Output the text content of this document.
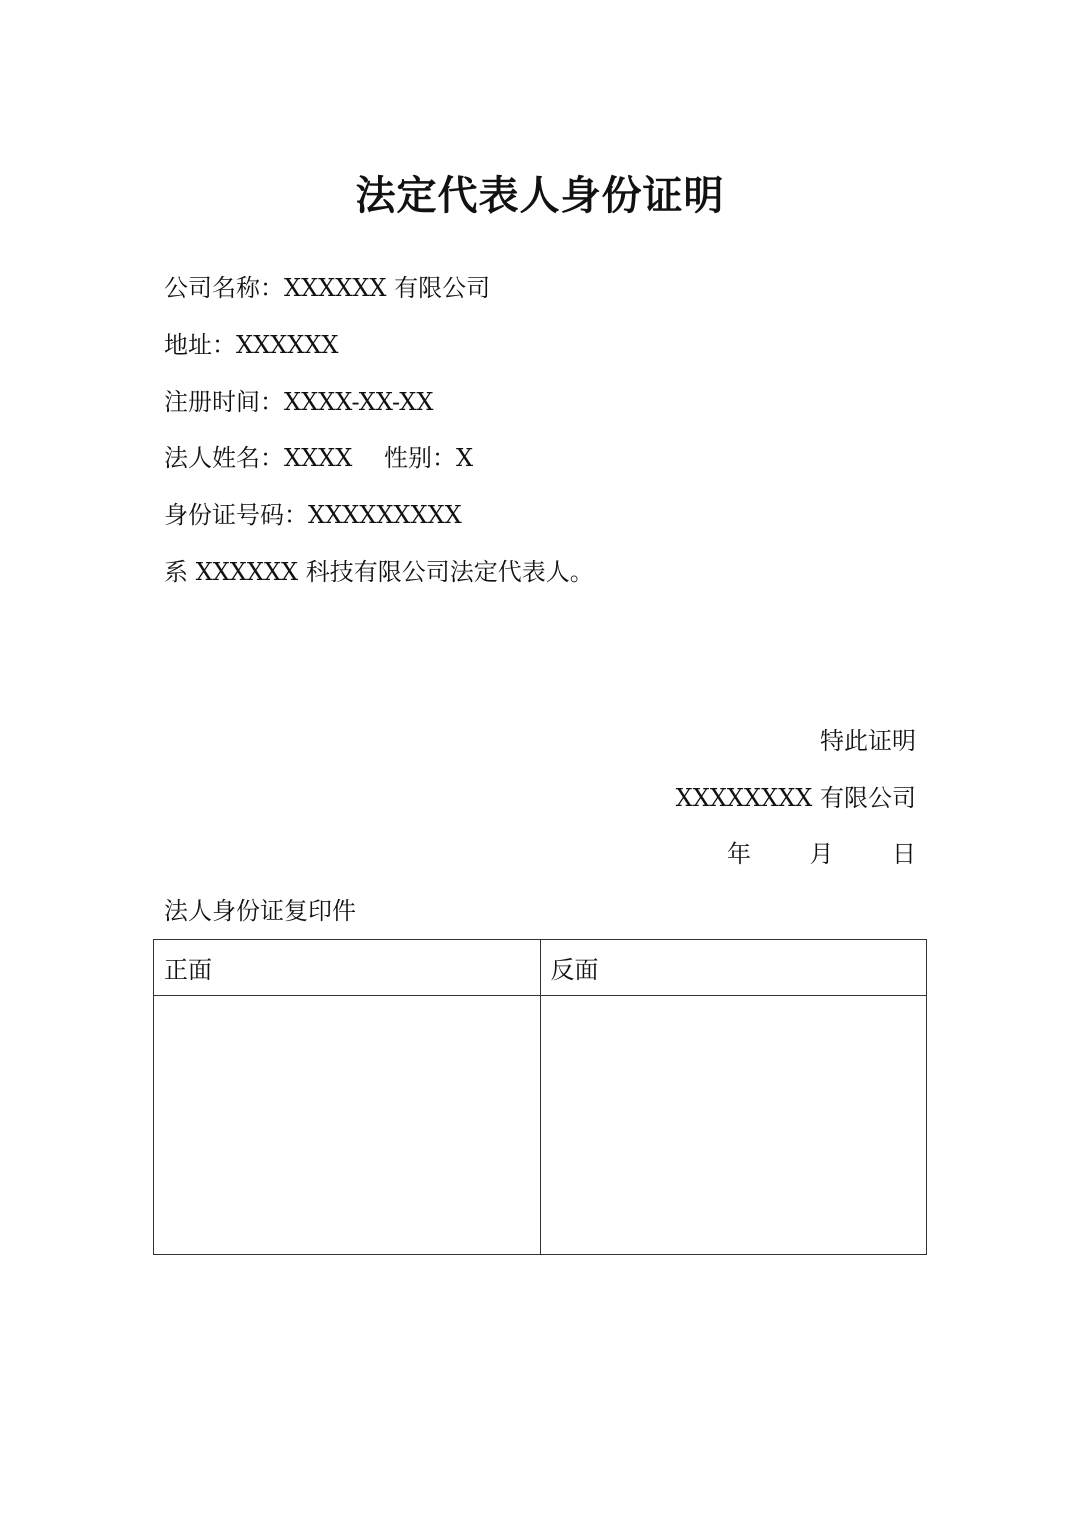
法定代表人身份证明
公司名称：XXXXXX 有限公司
地址：XXXXXX
注册时间：XXXX-XX-XX
法人姓名：XXXX　 性别：X
身份证号码：XXXXXXXXX
系 XXXXXX 科技有限公司法定代表人。
特此证明
XXXXXXXX 有限公司
年 月 日
法人身份证复印件
正面	反面
